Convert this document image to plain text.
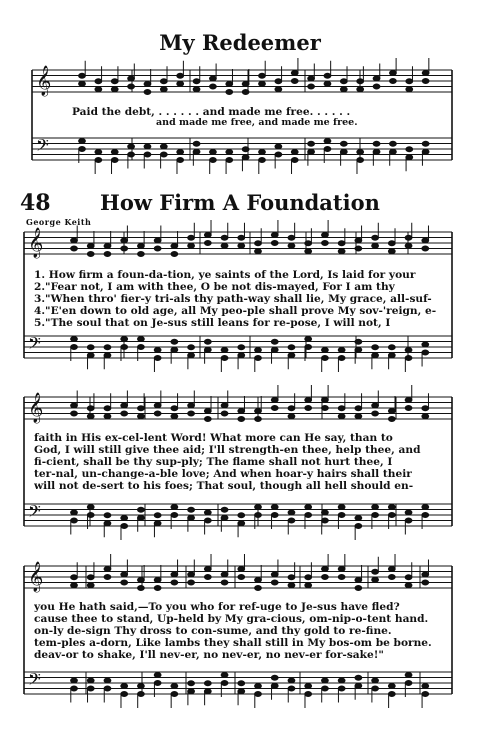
𝄞
𝄢
𝄞
𝄢
𝄞
𝄢
𝄞
𝄢
My Redeemer
Paid the debt, . . . . . . and made me free. . . . . .
and made me free, and made me free.
48 How Firm A Foundation
George Keith
1. How firm a foun-da-tion, ye saints of the Lord, Is laid for your
2."Fear not, I am with thee, O be not dis-mayed, For I am thy
3."When thro' fier-y tri-als thy path-way shall lie, My grace, all-suf-
4."E'en down to old age, all My peo-ple shall prove My sov-'reign, e-
5."The soul that on Je-sus still leans for re-pose, I will not, I
faith in His ex-cel-lent Word! What more can He say, than to
God, I will still give thee aid; I'll strength-en thee, help thee, and
fi-cient, shall be thy sup-ply; The flame shall not hurt thee, I
ter-nal, un-change-a-ble love; And when hoar-y hairs shall their
will not de-sert to his foes; That soul, though all hell should en-
you He hath said,—To you who for ref-uge to Je-sus have fled?
cause thee to stand, Up-held by My gra-cious, om-nip-o-tent hand.
on-ly de-sign Thy dross to con-sume, and thy gold to re-fine.
tem-ples a-dorn, Like lambs they shall still in My bos-om be borne.
deav-or to shake, I'll nev-er, no nev-er, no nev-er for-sake!"
